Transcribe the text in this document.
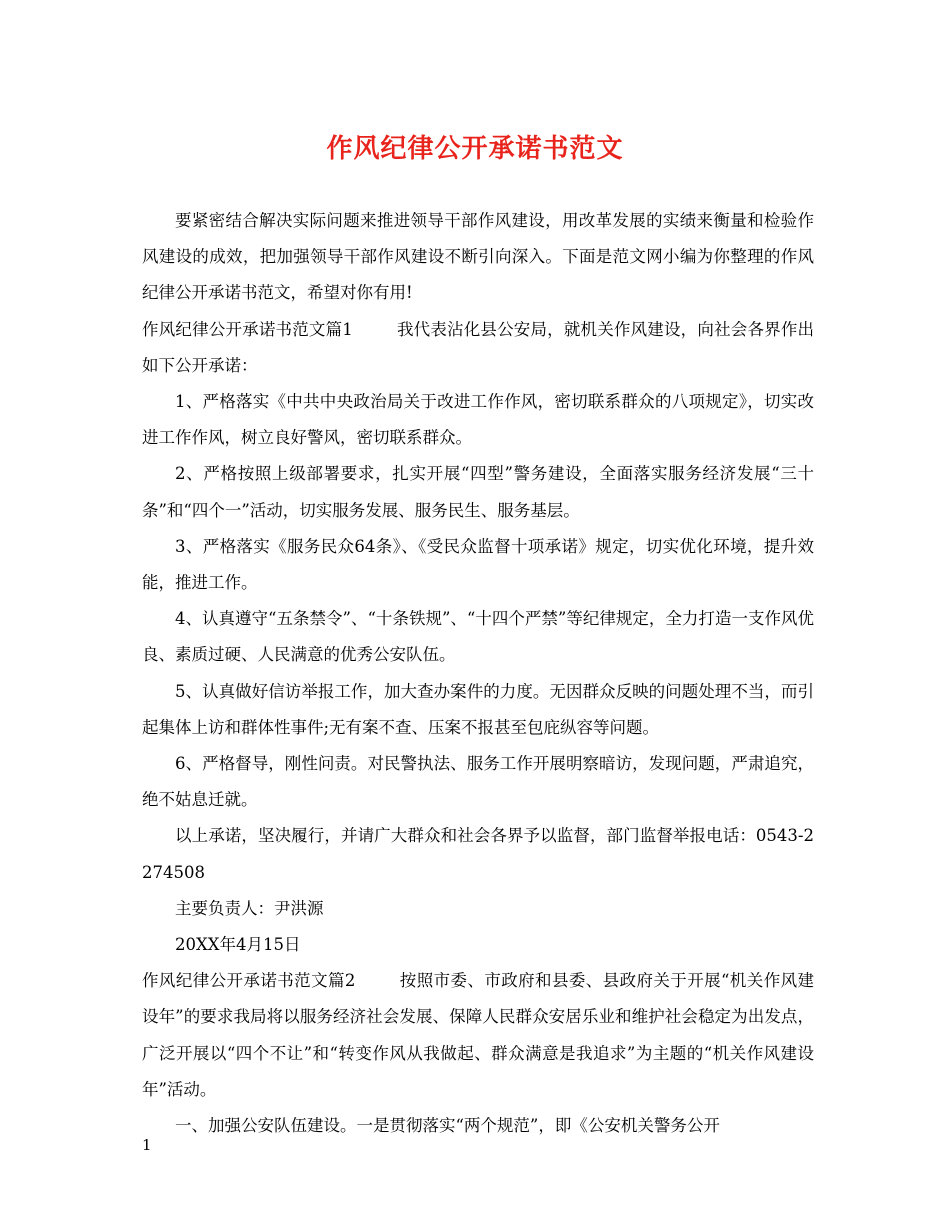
作风纪律公开承诺书范文

要紧密结合解决实际问题来推进领导干部作风建设，用改革发展的实绩来衡量和检验作风建设的成效，把加强领导干部作风建设不断引向深入。下面是范文网小编为你整理的作风纪律公开承诺书范文，希望对你有用!

作风纪律公开承诺书范文篇1	我代表沾化县公安局，就机关作风建设，向社会各界作出如下公开承诺：

1、严格落实《中共中央政治局关于改进工作作风，密切联系群众的八项规定》，切实改进工作作风，树立良好警风，密切联系群众。

2、严格按照上级部署要求，扎实开展“四型”警务建设，全面落实服务经济发展“三十条”和“四个一”活动，切实服务发展、服务民生、服务基层。

3、严格落实《服务民众64条》、《受民众监督十项承诺》规定，切实优化环境，提升效能，推进工作。

4、认真遵守“五条禁令”、“十条铁规”、“十四个严禁”等纪律规定，全力打造一支作风优良、素质过硬、人民满意的优秀公安队伍。

5、认真做好信访举报工作，加大查办案件的力度。无因群众反映的问题处理不当，而引起集体上访和群体性事件;无有案不查、压案不报甚至包庇纵容等问题。

6、严格督导，刚性问责。对民警执法、服务工作开展明察暗访，发现问题，严肃追究，绝不姑息迁就。

以上承诺，坚决履行，并请广大群众和社会各界予以监督，部门监督举报电话：0543-2274508

主要负责人：尹洪源

20XX年4月15日

作风纪律公开承诺书范文篇2	按照市委、市政府和县委、县政府关于开展“机关作风建设年”的要求我局将以服务经济社会发展、保障人民群众安居乐业和维护社会稳定为出发点，广泛开展以“四个不让”和“转变作风从我做起、群众满意是我追求”为主题的“机关作风建设年”活动。

一、加强公安队伍建设。一是贯彻落实“两个规范”，即《公安机关警务公开

1
